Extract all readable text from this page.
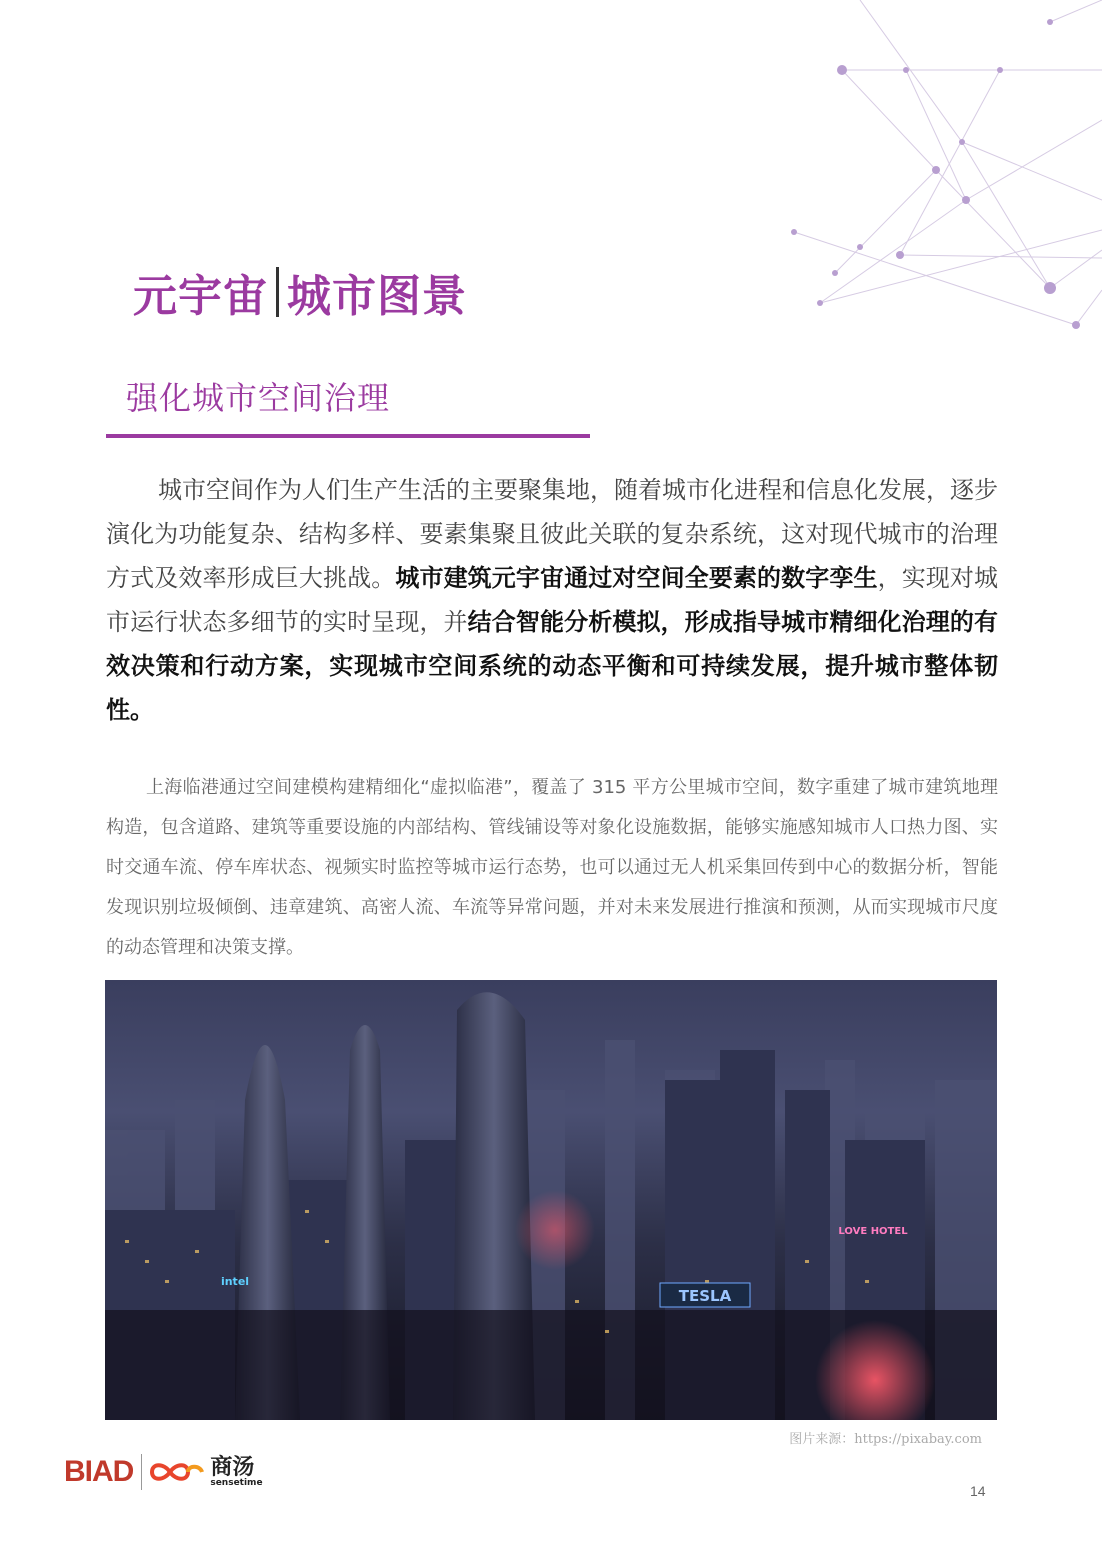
元宇宙 城市图景
强化城市空间治理

城市空间作为人们生产生活的主要聚集地，随着城市化进程和信息化发展，逐步演化为功能复杂、结构多样、要素集聚且彼此关联的复杂系统，这对现代城市的治理方式及效率形成巨大挑战。城市建筑元宇宙通过对空间全要素的数字孪生，实现对城市运行状态多细节的实时呈现，并结合智能分析模拟，形成指导城市精细化治理的有效决策和行动方案，实现城市空间系统的动态平衡和可持续发展，提升城市整体韧性。

上海临港通过空间建模构建精细化“虚拟临港”，覆盖了 315 平方公里城市空间，数字重建了城市建筑地理构造，包含道路、建筑等重要设施的内部结构、管线铺设等对象化设施数据，能够实施感知城市人口热力图、实时交通车流、停车库状态、视频实时监控等城市运行态势，也可以通过无人机采集回传到中心的数据分析，智能发现识别垃圾倾倒、违章建筑、高密人流、车流等异常问题，并对未来发展进行推演和预测，从而实现城市尺度的动态管理和决策支撑。

TESLA
LOVE HOTEL
intel
图片来源：https://pixabay.com
BIAD	商汤
sensetime
14
